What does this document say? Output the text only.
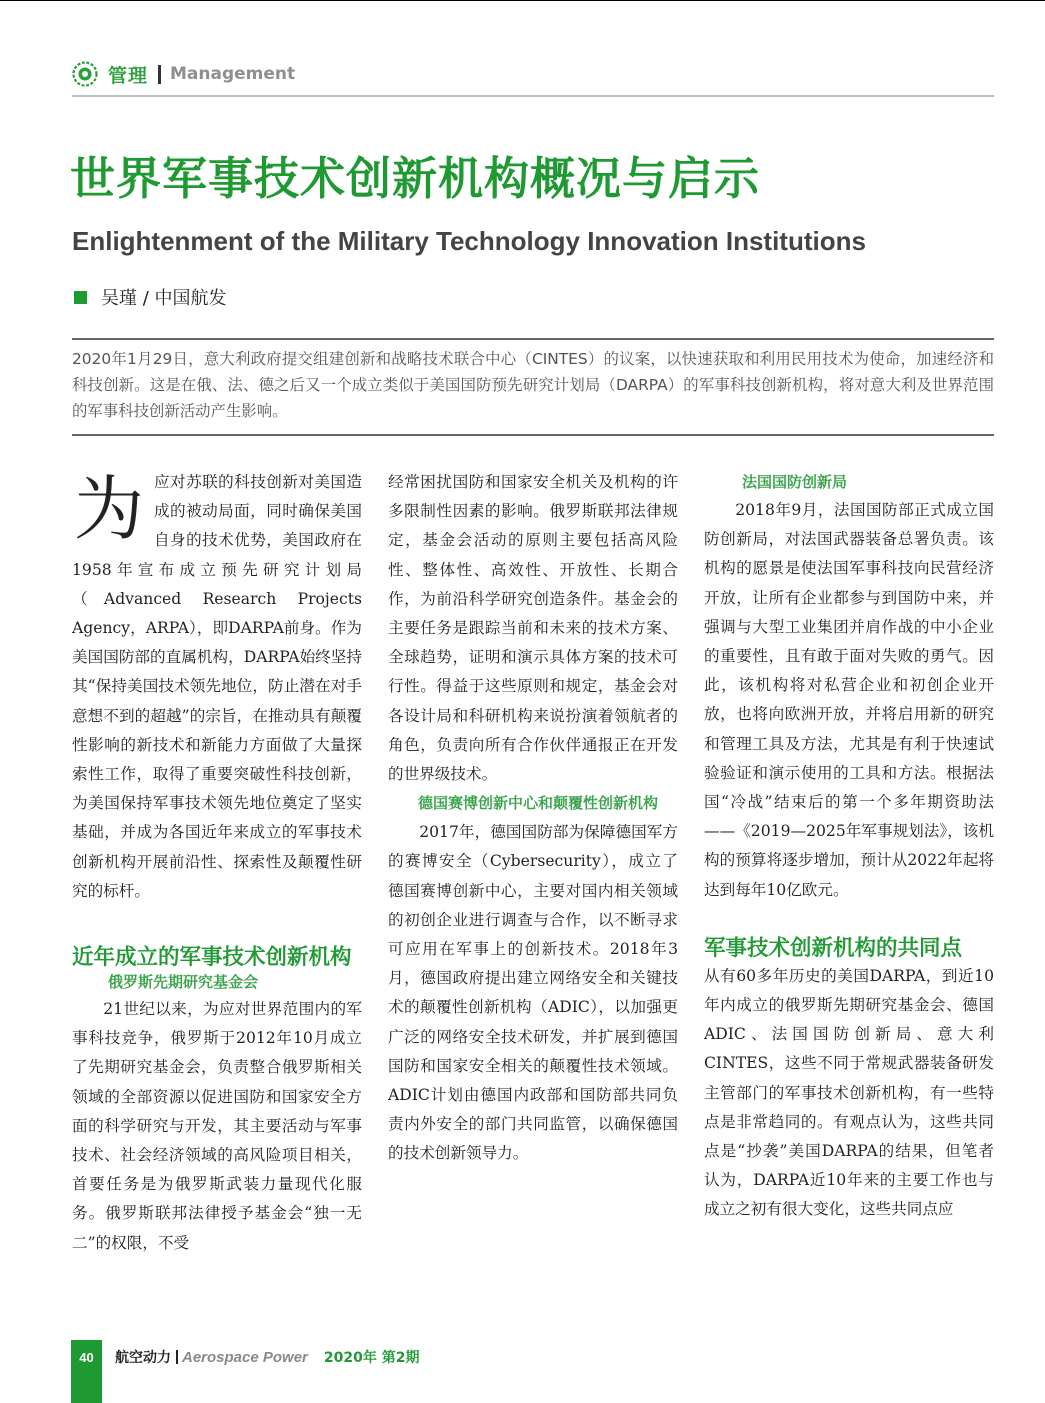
管理 Management
世界军事技术创新机构概况与启示
Enlightenment of the Military Technology Innovation Institutions
吴瑾 / 中国航发
2020年1月29日，意大利政府提交组建创新和战略技术联合中心（CINTES）的议案，以快速获取和利用民用技术为使命，加速经济和科技创新。这是在俄、法、德之后又一个成立类似于美国国防预先研究计划局（DARPA）的军事科技创新机构，将对意大利及世界范围的军事科技创新活动产生影响。

为应对苏联的科技创新对美国造成的被动局面，同时确保美国自身的技术优势，美国政府在1958年宣布成立预先研究计划局（Advanced Research Projects Agency，ARPA），即DARPA前身。作为美国国防部的直属机构，DARPA始终坚持其“保持美国技术领先地位，防止潜在对手意想不到的超越”的宗旨，在推动具有颠覆性影响的新技术和新能力方面做了大量探索性工作，取得了重要突破性科技创新，为美国保持军事技术领先地位奠定了坚实基础，并成为各国近年来成立的军事技术创新机构开展前沿性、探索性及颠覆性研究的标杆。

近年成立的军事技术创新机构
俄罗斯先期研究基金会

21世纪以来，为应对世界范围内的军事科技竞争，俄罗斯于2012年10月成立了先期研究基金会，负责整合俄罗斯相关领域的全部资源以促进国防和国家安全方面的科学研究与开发，其主要活动与军事技术、社会经济领域的高风险项目相关，首要任务是为俄罗斯武装力量现代化服务。俄罗斯联邦法律授予基金会“独一无二”的权限，不受

经常困扰国防和国家安全机关及机构的许多限制性因素的影响。俄罗斯联邦法律规定，基金会活动的原则主要包括高风险性、整体性、高效性、开放性、长期合作，为前沿科学研究创造条件。基金会的主要任务是跟踪当前和未来的技术方案、全球趋势，证明和演示具体方案的技术可行性。得益于这些原则和规定，基金会对各设计局和科研机构来说扮演着领航者的角色，负责向所有合作伙伴通报正在开发的世界级技术。

德国赛博创新中心和颠覆性创新机构

2017年，德国国防部为保障德国军方的赛博安全（Cybersecurity），成立了德国赛博创新中心，主要对国内相关领域的初创企业进行调查与合作，以不断寻求可应用在军事上的创新技术。2018年3月，德国政府提出建立网络安全和关键技术的颠覆性创新机构（ADIC），以加强更广泛的网络安全技术研发，并扩展到德国国防和国家安全相关的颠覆性技术领域。ADIC计划由德国内政部和国防部共同负责内外安全的部门共同监管，以确保德国的技术创新领导力。

法国国防创新局

2018年9月，法国国防部正式成立国防创新局，对法国武器装备总署负责。该机构的愿景是使法国军事科技向民营经济开放，让所有企业都参与到国防中来，并强调与大型工业集团并肩作战的中小企业的重要性，且有敢于面对失败的勇气。因此，该机构将对私营企业和初创企业开放，也将向欧洲开放，并将启用新的研究和管理工具及方法，尤其是有利于快速试验验证和演示使用的工具和方法。根据法国“冷战”结束后的第一个多年期资助法——《2019—2025年军事规划法》，该机构的预算将逐步增加，预计从2022年起将达到每年10亿欧元。

军事技术创新机构的共同点

从有60多年历史的美国DARPA，到近10年内成立的俄罗斯先期研究基金会、德国ADIC、法国国防创新局、意大利CINTES，这些不同于常规武器装备研发主管部门的军事技术创新机构，有一些特点是非常趋同的。有观点认为，这些共同点是“抄袭”美国DARPA的结果，但笔者认为，DARPA近10年来的主要工作也与成立之初有很大变化，这些共同点应

40	航空动力 Aerospace Power 2020年 第2期
